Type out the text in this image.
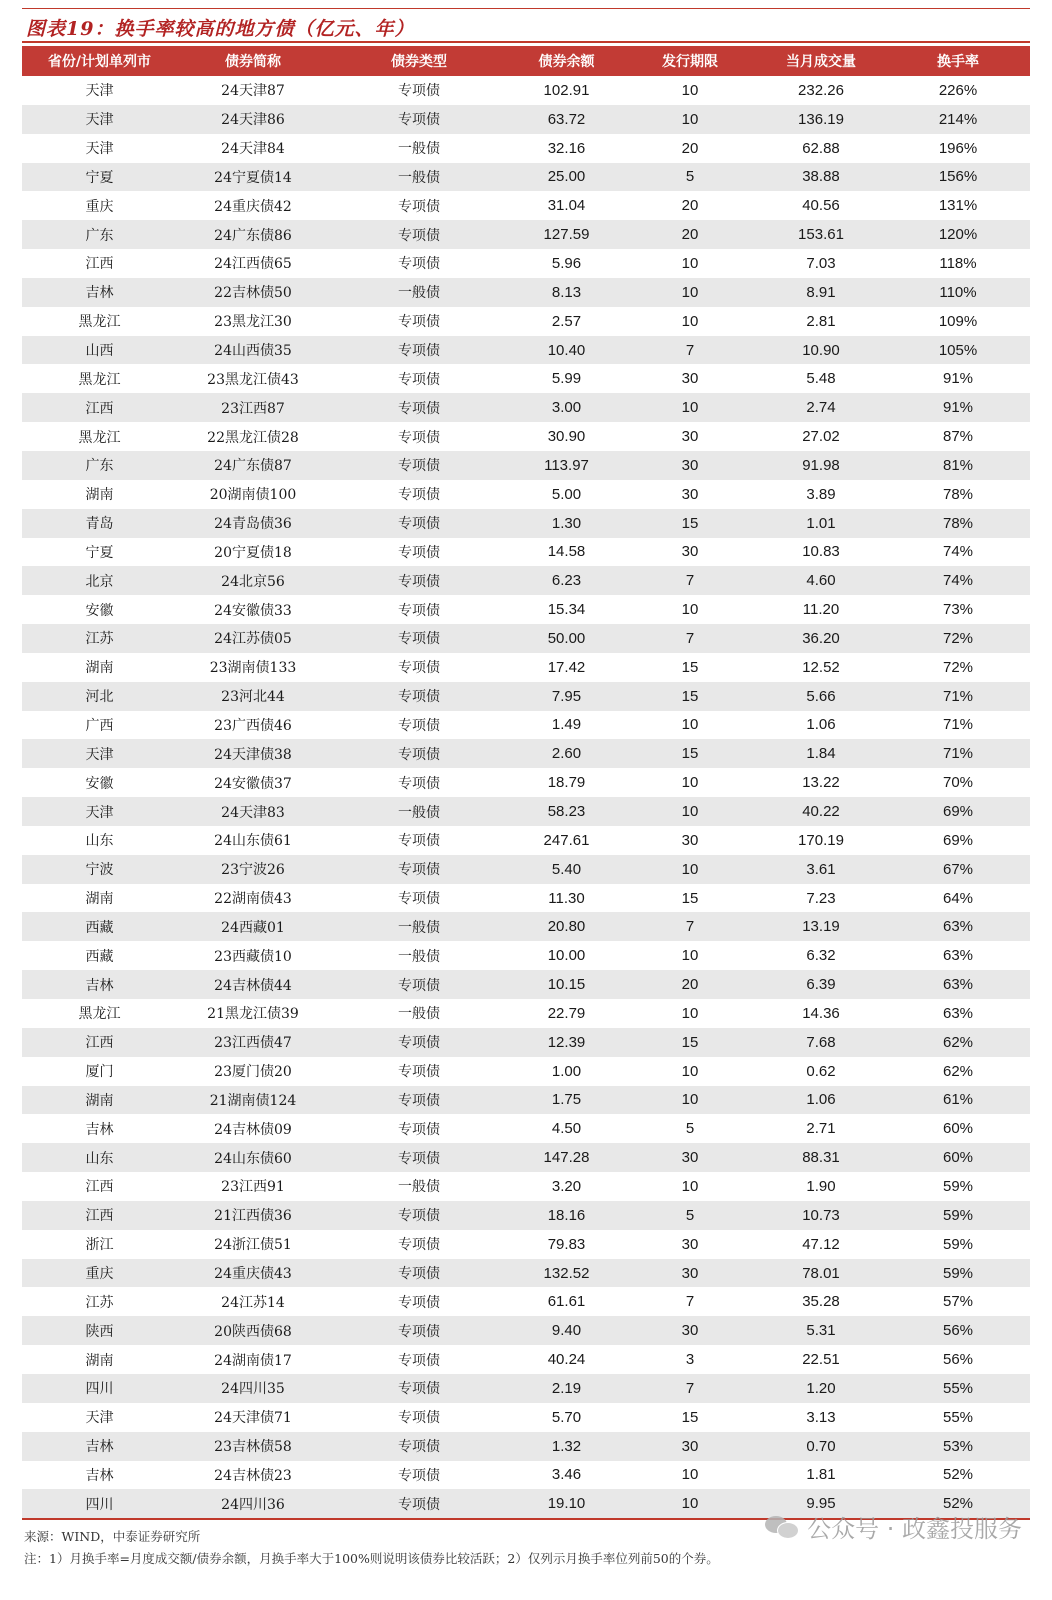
图表19：换手率较高的地方债（亿元、年）
省份/计划单列市	债券简称	债券类型	债券余额	发行期限	当月成交量	换手率
天津	24天津87	专项债	102.91	10	232.26	226%
天津	24天津86	专项债	63.72	10	136.19	214%
天津	24天津84	一般债	32.16	20	62.88	196%
宁夏	24宁夏债14	一般债	25.00	5	38.88	156%
重庆	24重庆债42	专项债	31.04	20	40.56	131%
广东	24广东债86	专项债	127.59	20	153.61	120%
江西	24江西债65	专项债	5.96	10	7.03	118%
吉林	22吉林债50	一般债	8.13	10	8.91	110%
黑龙江	23黑龙江30	专项债	2.57	10	2.81	109%
山西	24山西债35	专项债	10.40	7	10.90	105%
黑龙江	23黑龙江债43	专项债	5.99	30	5.48	91%
江西	23江西87	专项债	3.00	10	2.74	91%
黑龙江	22黑龙江债28	专项债	30.90	30	27.02	87%
广东	24广东债87	专项债	113.97	30	91.98	81%
湖南	20湖南债100	专项债	5.00	30	3.89	78%
青岛	24青岛债36	专项债	1.30	15	1.01	78%
宁夏	20宁夏债18	专项债	14.58	30	10.83	74%
北京	24北京56	专项债	6.23	7	4.60	74%
安徽	24安徽债33	专项债	15.34	10	11.20	73%
江苏	24江苏债05	专项债	50.00	7	36.20	72%
湖南	23湖南债133	专项债	17.42	15	12.52	72%
河北	23河北44	专项债	7.95	15	5.66	71%
广西	23广西债46	专项债	1.49	10	1.06	71%
天津	24天津债38	专项债	2.60	15	1.84	71%
安徽	24安徽债37	专项债	18.79	10	13.22	70%
天津	24天津83	一般债	58.23	10	40.22	69%
山东	24山东债61	专项债	247.61	30	170.19	69%
宁波	23宁波26	专项债	5.40	10	3.61	67%
湖南	22湖南债43	专项债	11.30	15	7.23	64%
西藏	24西藏01	一般债	20.80	7	13.19	63%
西藏	23西藏债10	一般债	10.00	10	6.32	63%
吉林	24吉林债44	专项债	10.15	20	6.39	63%
黑龙江	21黑龙江债39	一般债	22.79	10	14.36	63%
江西	23江西债47	专项债	12.39	15	7.68	62%
厦门	23厦门债20	专项债	1.00	10	0.62	62%
湖南	21湖南债124	专项债	1.75	10	1.06	61%
吉林	24吉林债09	专项债	4.50	5	2.71	60%
山东	24山东债60	专项债	147.28	30	88.31	60%
江西	23江西91	一般债	3.20	10	1.90	59%
江西	21江西债36	专项债	18.16	5	10.73	59%
浙江	24浙江债51	专项债	79.83	30	47.12	59%
重庆	24重庆债43	专项债	132.52	30	78.01	59%
江苏	24江苏14	专项债	61.61	7	35.28	57%
陕西	20陕西债68	专项债	9.40	30	5.31	56%
湖南	24湖南债17	专项债	40.24	3	22.51	56%
四川	24四川35	专项债	2.19	7	1.20	55%
天津	24天津债71	专项债	5.70	15	3.13	55%
吉林	23吉林债58	专项债	1.32	30	0.70	53%
吉林	24吉林债23	专项债	3.46	10	1.81	52%
四川	24四川36	专项债	19.10	10	9.95	52%
来源：WIND，中泰证券研究所
注：1）月换手率=月度成交额/债券余额，月换手率大于100%则说明该债券比较活跃；2）仅列示月换手率位列前50的个券。
公众号 · 政鑫投服务
